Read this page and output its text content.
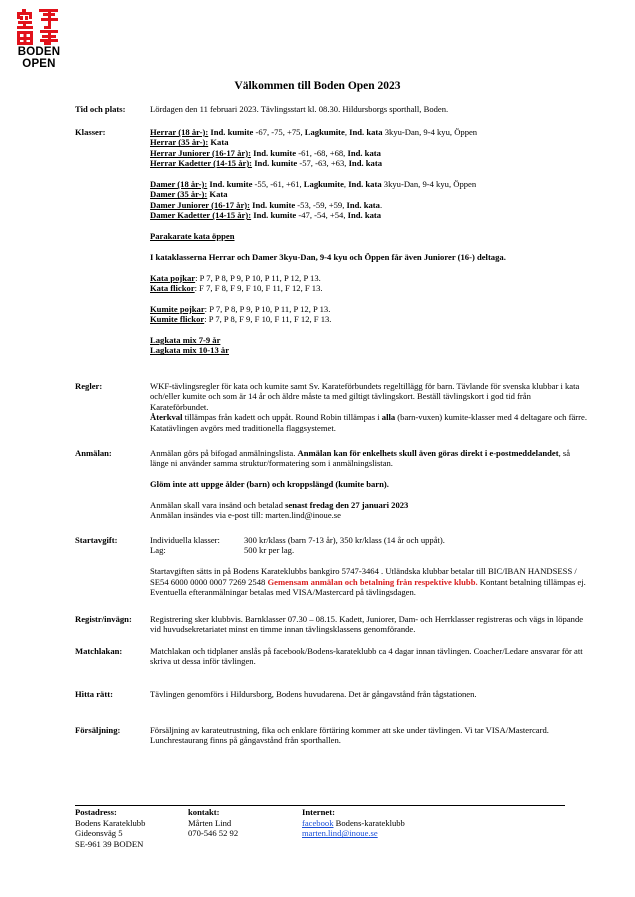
BODEN
OPEN
Välkommen till Boden Open 2023
Tid och plats:	Lördagen den 11 februari 2023. Tävlingsstart kl. 08.30. Hildursborgs sporthall, Boden.
Klasser:	Herrar (18 år-): Ind. kumite -67, -75, +75, Lagkumite, Ind. kata 3kyu-Dan, 9-4 kyu, Öppen

Herrar (35 år-): Kata

Herrar Juniorer (16-17 år): Ind. kumite -61, -68, +68, Ind. kata

Herrar Kadetter (14-15 år): Ind. kumite -57, -63, +63, Ind. kata

Damer (18 år-): Ind. kumite -55, -61, +61, Lagkumite, Ind. kata 3kyu-Dan, 9-4 kyu, Öppen

Damer (35 år-): Kata

Damer Juniorer (16-17 år): Ind. kumite -53, -59, +59, Ind. kata.

Damer Kadetter (14-15 år): Ind. kumite -47, -54, +54, Ind. kata

Parakarate kata öppen

I kataklasserna Herrar och Damer 3kyu-Dan, 9-4 kyu och Öppen får även Juniorer (16-) deltaga.

Kata pojkar: P 7, P 8, P 9, P 10, P 11, P 12, P 13.

Kata flickor: F 7, F 8, F 9, F 10, F 11, F 12, F 13.

Kumite pojkar: P 7, P 8, P 9, P 10, P 11, P 12, P 13.

Kumite flickor: P 7, P 8, F 9, F 10, F 11, F 12, F 13.

Lagkata mix 7-9 år

Lagkata mix 10-13 år

Regler:	WKF-tävlingsregler för kata och kumite samt Sv. Karateförbundets regeltillägg för barn. Tävlande för svenska klubbar i kata och/eller kumite och som är 14 år och äldre måste ta med giltigt tävlingskort. Beställ tävlingskort i god tid från Karateförbundet.

Återkval tillämpas från kadett och uppåt. Round Robin tillämpas i alla (barn-vuxen) kumite-klasser med 4 deltagare och färre. Katatävlingen avgörs med traditionella flaggsystemet.

Anmälan:	Anmälan görs på bifogad anmälningslista. Anmälan kan för enkelhets skull även göras direkt i e-postmeddelandet, så länge ni använder samma struktur/formatering som i anmälningslistan.

Glöm inte att uppge ålder (barn) och kroppslängd (kumite barn).

Anmälan skall vara insänd och betalad senast fredag den 27 januari 2023

Anmälan insändes via e-post till: marten.lind@inoue.se

Startavgift:	Individuella klasser:	300 kr/klass (barn 7-13 år), 350 kr/klass (14 år och uppåt).

Lag:	500 kr per lag.

Startavgiften sätts in på Bodens Karateklubbs bankgiro 5747-3464 . Utländska klubbar betalar till BIC/IBAN HANDSESS / SE54 6000 0000 0007 7269 2548 Gemensam anmälan och betalning från respektive klubb. Kontant betalning tillämpas ej. Eventuella efteranmälningar betalas med VISA/Mastercard på tävlingsdagen.

Registr/invägn:	Registrering sker klubbvis. Barnklasser 07.30 – 08.15. Kadett, Juniorer, Dam- och Herrklasser registreras och vägs in löpande vid huvudsekretariatet minst en timme innan tävlingsklassens genomförande.
Matchlakan:	Matchlakan och tidplaner anslås på facebook/Bodens-karateklubb ca 4 dagar innan tävlingen. Coacher/Ledare ansvarar för att skriva ut dessa inför tävlingen.
Hitta rätt:	Tävlingen genomförs i Hildursborg, Bodens huvudarena. Det är gångavstånd från tågstationen.
Försäljning:	Försäljning av karateutrustning, fika och enklare förtäring kommer att ske under tävlingen. Vi tar VISA/Mastercard. Lunchrestaurang finns på gångavstånd från sporthallen.
Postadress:
Bodens Karateklubb
Gideonsväg 5
SE-961 39 BODEN
kontakt:
Mårten Lind
070-546 52 92
Internet:
facebook Bodens-karateklubb
marten.lind@inoue.se
